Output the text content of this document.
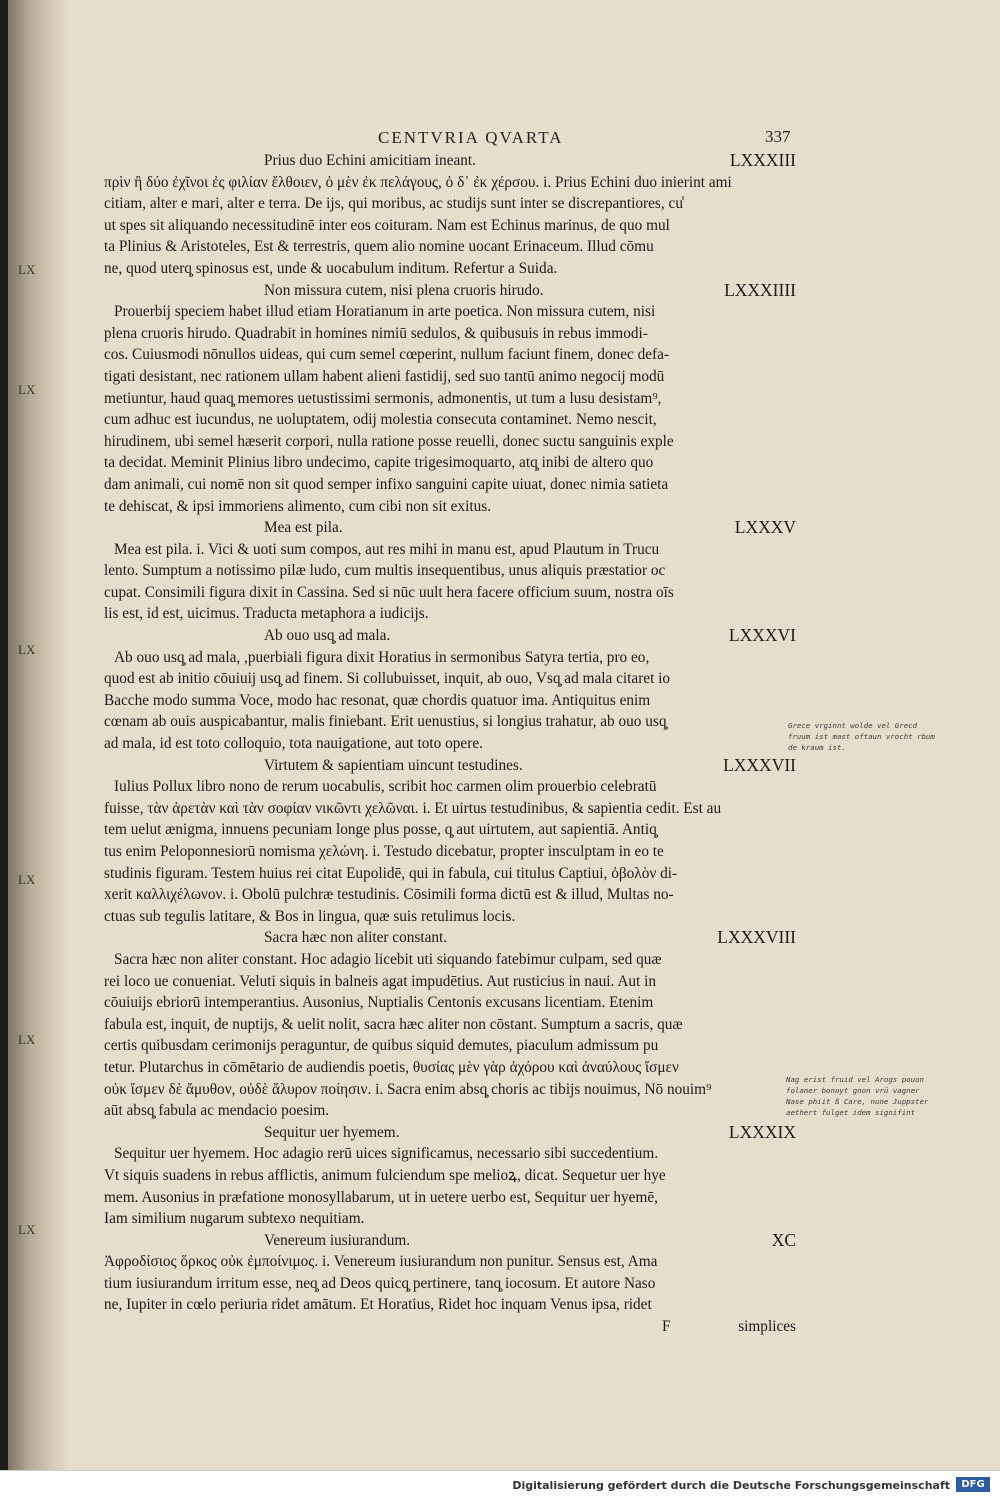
LX
LX
LX
LX
LX
LX
CENTVRIA QVARTA	337
Prius duo Echini amicitiam ineant.	LXXXIII
πρὶν ἢ δύο ἐχῖνοι ἐς φιλίαν ἔλθοιεν, ὁ μὲν ἐκ πελάγους, ὁ δ᾽ ἐκ χέρσου. i. Prius Echini duo inierint ami
citiam, alter e mari, alter e terra. De ijs, qui moribus, ac studijs sunt inter se discrepantiores, cu̾
ut spes sit aliquando necessitudinē inter eos coituram. Nam est Echinus marinus, de quo mul
ta Plinius & Aristoteles, Est & terrestris, quem alio nomine uocant Erinaceum. Illud cōmu
ne, quod uterq̧ spinosus est, unde & uocabulum inditum. Refertur a Suida.
Non missura cutem, nisi plena cruoris hirudo.	LXXXIIII
Prouerbij speciem habet illud etiam Horatianum in arte poetica. Non missura cutem, nisi
plena cruoris hirudo. Quadrabit in homines nimiū sedulos, & quibusuis in rebus immodi-
cos. Cuiusmodi nōnullos uideas, qui cum semel cœperint, nullum faciunt finem, donec defa-
tigati desistant, nec rationem ullam habent alieni fastidij, sed suo tantū animo negocij modū
metiuntur, haud quaq̧ memores uetustissimi sermonis, admonentis, ut tum a lusu desistam⁹,
cum adhuc est iucundus, ne uoluptatem, odij molestia consecuta contaminet. Nemo nescit,
hirudinem, ubi semel hæserit corpori, nulla ratione posse reuelli, donec suctu sanguinis exple
ta decidat. Meminit Plinius libro undecimo, capite trigesimoquarto, atq̧ inibi de altero quo
dam animali, cui nomē non sit quod semper infixo sanguini capite uiuat, donec nimia satieta
te dehiscat, & ipsi immoriens alimento, cum cibi non sit exitus.
Mea est pila.	LXXXV
Mea est pila. i. Vici & uoti sum compos, aut res mihi in manu est, apud Plautum in Trucu
lento. Sumptum a notissimo pilæ ludo, cum multis insequentibus, unus aliquis præstatior oc
cupat. Consimili figura dixit in Cassina. Sed si nūc uult hera facere officium suum, nostra oīs
lis est, id est, uicimus. Traducta metaphora a iudicijs.
Ab ouo usq̧ ad mala.	LXXXVI
Ab ouo usq̧ ad mala, ,puerbiali figura dixit Horatius in sermonibus Satyra tertia, pro eo,
quod est ab initio cōuiuij usq̧ ad finem. Si collubuisset, inquit, ab ouo, Vsq̧ ad mala citaret io
Bacche modo summa Voce, modo hac resonat, quæ chordis quatuor ima. Antiquitus enim
cœnam ab ouis auspicabantur, malis finiebant. Erit uenustius, si longius trahatur, ab ouo usq̧
ad mala, id est toto colloquio, tota nauigatione, aut toto opere.
Virtutem & sapientiam uincunt testudines.	LXXXVII
Iulius Pollux libro nono de rerum uocabulis, scribit hoc carmen olim prouerbio celebratū
fuisse, τὰν ἀρετὰν καὶ τὰν σοφίαν νικῶντι χελῶναι. i. Et uirtus testudinibus, & sapientia cedit. Est au
tem uelut ænigma, innuens pecuniam longe plus posse, q̧ aut uirtutem, aut sapientiā. Antiq̧
tus enim Peloponnesiorū nomisma χελώνη. i. Testudo dicebatur, propter insculptam in eo te
studinis figuram. Testem huius rei citat Eupolidē, qui in fabula, cui titulus Captiui, ὀβολὸν di-
xerit καλλιχέλωνον. i. Obolū pulchræ testudinis. Cōsimili forma dictū est & illud, Multas no-
ctuas sub tegulis latitare, & Bos in lingua, quæ suis retulimus locis.
Sacra hæc non aliter constant.	LXXXVIII
Sacra hæc non aliter constant. Hoc adagio licebit uti siquando fatebimur culpam, sed quæ
rei loco ue conueniat. Veluti siquis in balneis agat impudētius. Aut rusticius in naui. Aut in
cōuiuijs ebriorū intemperantius. Ausonius, Nuptialis Centonis excusans licentiam. Etenim
fabula est, inquit, de nuptijs, & uelit nolit, sacra hæc aliter non cōstant. Sumptum a sacris, quæ
certis quibusdam cerimonijs peraguntur, de quibus siquid demutes, piaculum admissum pu
tetur. Plutarchus in cōmētario de audiendis poetis, θυσίας μὲν γὰρ ἀχόρου καὶ ἀναύλους ἴσμεν
οὐκ ἴσμεν δὲ ἄμυθον, οὐδὲ ἄλυρον ποίησιν. i. Sacra enim absq̧ choris ac tibijs nouimus, Nō nouim⁹
aūt absq̧ fabula ac mendacio poesim.
Sequitur uer hyemem.	LXXXIX
Sequitur uer hyemem. Hoc adagio rerū uices significamus, necessario sibi succedentium.
Vt siquis suadens in rebus afflictis, animum fulciendum spe melioꝝ, dicat. Sequetur uer hye
mem. Ausonius in præfatione monosyllabarum, ut in uetere uerbo est, Sequitur uer hyemē,
Iam similium nugarum subtexo nequitiam.
Venereum iusiurandum.	XC
Ἀφροδίσιος ὅρκος οὐκ ἐμποίνιμος. i. Venereum iusiurandum non punitur. Sensus est, Ama
tium iusiurandum irritum esse, neq̧ ad Deos quicq̧ pertinere, tanq̧ iocosum. Et autore Naso
ne, Iupiter in cœlo periuria ridet amātum. Et Horatius, Ridet hoc inquam Venus ipsa, ridet
F	simplices
Grece vrginnt wolde vel Grecd
fruum ist mast oftaun vrocht rbum
de kraum ist.
Nag erist fruid vel Arogs pouon
folaner bonuyt gnon vrū vagner
Nase phiit ß Care, nune Juppster
aethert fulget idem signifint
Digitalisierung gefördert durch die Deutsche Forschungsgemeinschaft	DFG
